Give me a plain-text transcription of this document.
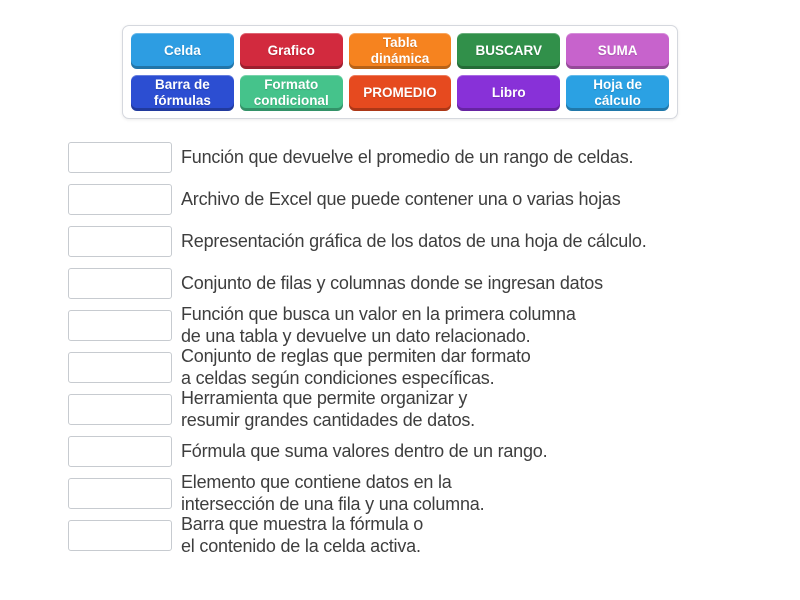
Celda	Grafico
Tabla dinámica
BUSCARV	SUMA
Barra de fórmulas
Formato condicional
PROMEDIO	Libro
Hoja de cálculo
Función que devuelve el promedio de un rango de celdas.
Archivo de Excel que puede contener una o varias hojas
Representación gráfica de los datos de una hoja de cálculo.
Conjunto de filas y columnas donde se ingresan datos
Función que busca un valor en la primera columna
de una tabla y devuelve un dato relacionado.
Conjunto de reglas que permiten dar formato
a celdas según condiciones específicas.
Herramienta que permite organizar y
resumir grandes cantidades de datos.
Fórmula que suma valores dentro de un rango.
Elemento que contiene datos en la
intersección de una fila y una columna.
Barra que muestra la fórmula o
el contenido de la celda activa.
